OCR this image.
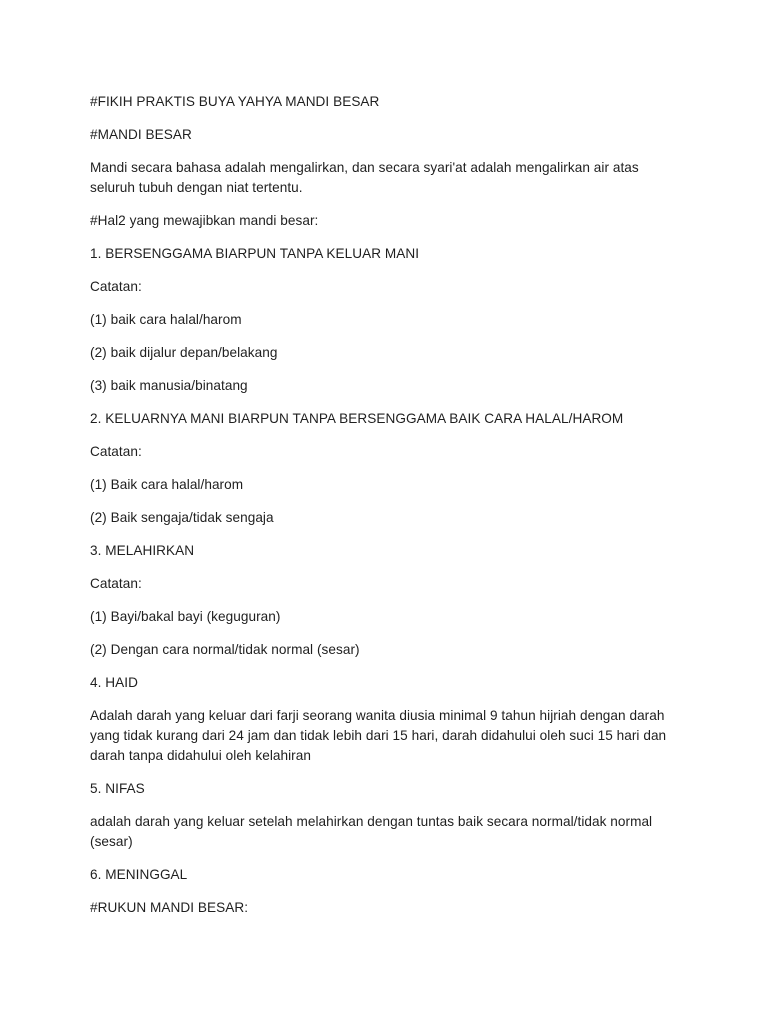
#FIKIH PRAKTIS BUYA YAHYA MANDI BESAR

#MANDI BESAR

Mandi secara bahasa adalah mengalirkan, dan secara syari'at adalah mengalirkan air atas seluruh tubuh dengan niat tertentu.

#Hal2 yang mewajibkan mandi besar:

1. BERSENGGAMA BIARPUN TANPA KELUAR MANI

Catatan:

(1) baik cara halal/harom

(2) baik dijalur depan/belakang

(3) baik manusia/binatang

2. KELUARNYA MANI BIARPUN TANPA BERSENGGAMA BAIK CARA HALAL/HAROM

Catatan:

(1) Baik cara halal/harom

(2) Baik sengaja/tidak sengaja

3. MELAHIRKAN

Catatan:

(1) Bayi/bakal bayi (keguguran)

(2) Dengan cara normal/tidak normal (sesar)

4. HAID

Adalah darah yang keluar dari farji seorang wanita diusia minimal 9 tahun hijriah dengan darah yang tidak kurang dari 24 jam dan tidak lebih dari 15 hari, darah didahului oleh suci 15 hari dan darah tanpa didahului oleh kelahiran

5. NIFAS

adalah darah yang keluar setelah melahirkan dengan tuntas baik secara normal/tidak normal (sesar)

6. MENINGGAL

#RUKUN MANDI BESAR:
